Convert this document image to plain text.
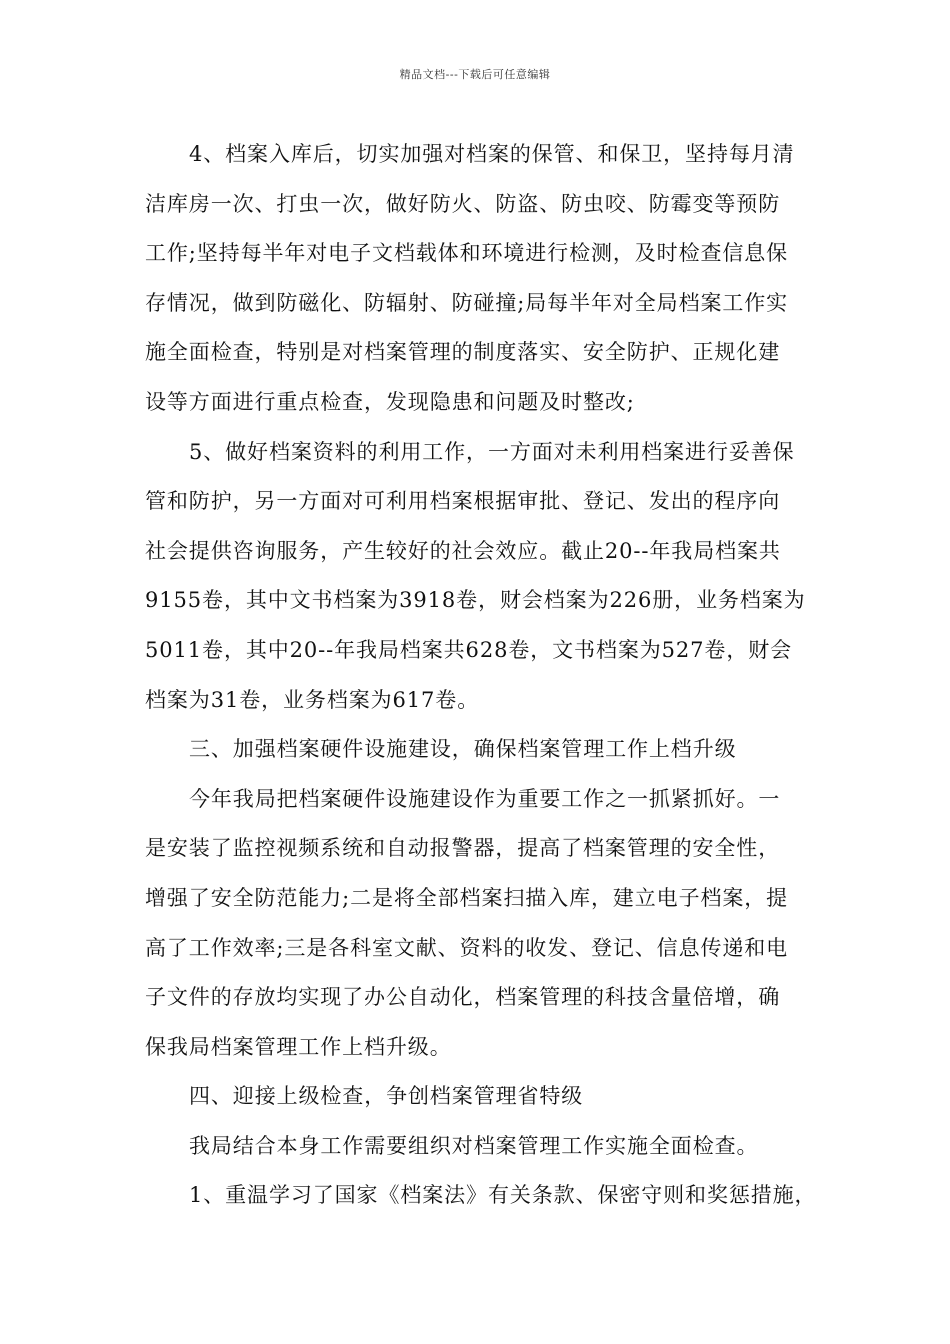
精品文档---下载后可任意编辑
4、档案入库后，切实加强对档案的保管、和保卫，坚持每月清
洁库房一次、打虫一次，做好防火、防盗、防虫咬、防霉变等预防
工作;坚持每半年对电子文档载体和环境进行检测，及时检查信息保
存情况，做到防磁化、防辐射、防碰撞;局每半年对全局档案工作实
施全面检查，特别是对档案管理的制度落实、安全防护、正规化建
设等方面进行重点检查，发现隐患和问题及时整改;
5、做好档案资料的利用工作，一方面对未利用档案进行妥善保
管和防护，另一方面对可利用档案根据审批、登记、发出的程序向
社会提供咨询服务，产生较好的社会效应。截止20--年我局档案共
9155卷，其中文书档案为3918卷，财会档案为226册，业务档案为
5011卷，其中20--年我局档案共628卷，文书档案为527卷，财会
档案为31卷，业务档案为617卷。
三、加强档案硬件设施建设，确保档案管理工作上档升级
今年我局把档案硬件设施建设作为重要工作之一抓紧抓好。一
是安装了监控视频系统和自动报警器，提高了档案管理的安全性，
增强了安全防范能力;二是将全部档案扫描入库，建立电子档案，提
高了工作效率;三是各科室文献、资料的收发、登记、信息传递和电
子文件的存放均实现了办公自动化，档案管理的科技含量倍增，确
保我局档案管理工作上档升级。
四、迎接上级检查，争创档案管理省特级
我局结合本身工作需要组织对档案管理工作实施全面检查。
1、重温学习了国家《档案法》有关条款、保密守则和奖惩措施，
